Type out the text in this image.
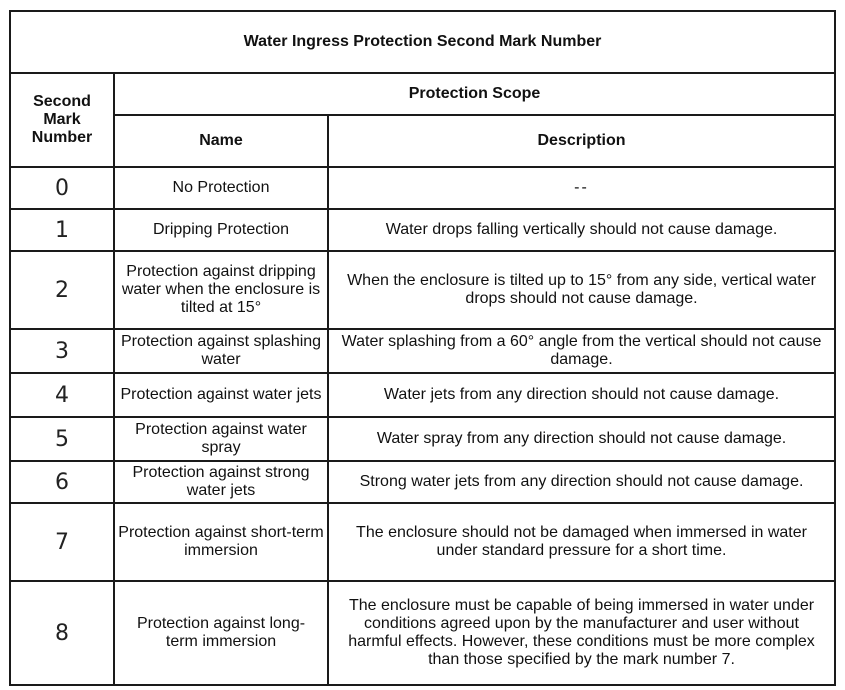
Water Ingress Protection Second Mark Number		
Second Mark Number	Protection Scope	
	Name	Description
0	No Protection	--
1	Dripping Protection	Water drops falling vertically should not cause damage.
2	Protection against dripping water when the enclosure is tilted at 15°	When the enclosure is tilted up to 15° from any side, vertical water drops should not cause damage.
3	Protection against splashing water	Water splashing from a 60° angle from the vertical should not cause damage.
4	Protection against water jets	Water jets from any direction should not cause damage.
5	Protection against water spray	Water spray from any direction should not cause damage.
6	Protection against strong water jets	Strong water jets from any direction should not cause damage.
7	Protection against short-term immersion	The enclosure should not be damaged when immersed in water under standard pressure for a short time.
8	Protection against long-term immersion	The enclosure must be capable of being immersed in water under conditions agreed upon by the manufacturer and user without harmful effects. However, these conditions must be more complex than those specified by the mark number 7.
